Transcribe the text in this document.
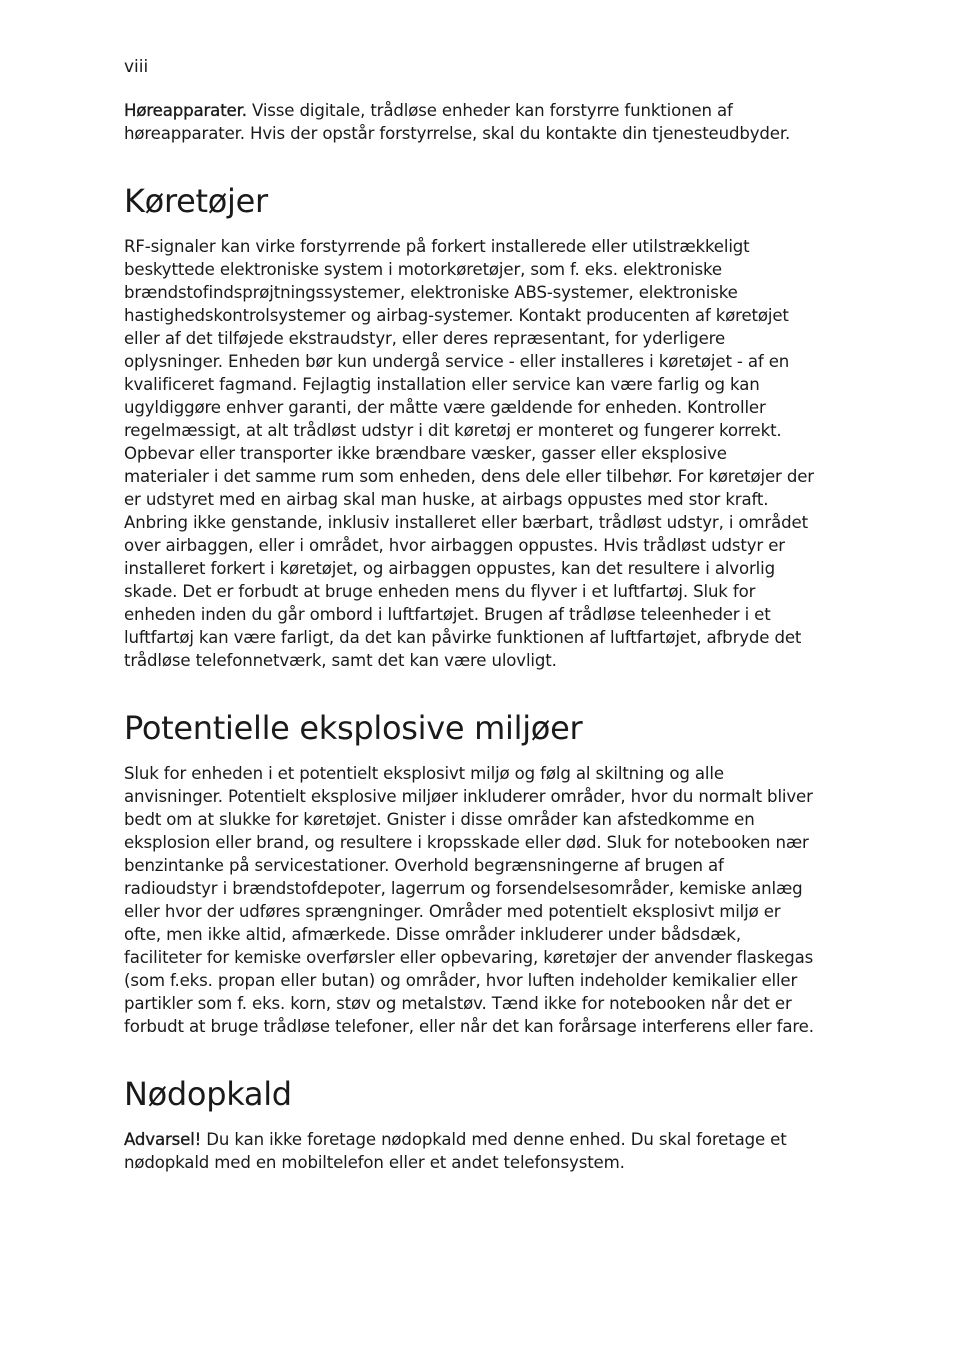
viii

Høreapparater. Visse digitale, trådløse enheder kan forstyrre funktionen af høreapparater. Hvis der opstår forstyrrelse, skal du kontakte din tjenesteudbyder.

Køretøjer

RF-signaler kan virke forstyrrende på forkert installerede eller utilstrækkeligt beskyttede elektroniske system i motorkøretøjer, som f. eks. elektroniske brændstofindsprøjtningssystemer, elektroniske ABS-systemer, elektroniske hastighedskontrolsystemer og airbag-systemer. Kontakt producenten af køretøjet eller af det tilføjede ekstraudstyr, eller deres repræsentant, for yderligere oplysninger. Enheden bør kun undergå service - eller installeres i køretøjet - af en kvalificeret fagmand. Fejlagtig installation eller service kan være farlig og kan ugyldiggøre enhver garanti, der måtte være gældende for enheden. Kontroller regelmæssigt, at alt trådløst udstyr i dit køretøj er monteret og fungerer korrekt. Opbevar eller transporter ikke brændbare væsker, gasser eller eksplosive materialer i det samme rum som enheden, dens dele eller tilbehør. For køretøjer der er udstyret med en airbag skal man huske, at airbags oppustes med stor kraft. Anbring ikke genstande, inklusiv installeret eller bærbart, trådløst udstyr, i området over airbaggen, eller i området, hvor airbaggen oppustes. Hvis trådløst udstyr er installeret forkert i køretøjet, og airbaggen oppustes, kan det resultere i alvorlig skade. Det er forbudt at bruge enheden mens du flyver i et luftfartøj. Sluk for enheden inden du går ombord i luftfartøjet. Brugen af trådløse teleenheder i et luftfartøj kan være farligt, da det kan påvirke funktionen af luftfartøjet, afbryde det trådløse telefonnetværk, samt det kan være ulovligt.

Potentielle eksplosive miljøer

Sluk for enheden i et potentielt eksplosivt miljø og følg al skiltning og alle anvisninger. Potentielt eksplosive miljøer inkluderer områder, hvor du normalt bliver bedt om at slukke for køretøjet. Gnister i disse områder kan afstedkomme en eksplosion eller brand, og resultere i kropsskade eller død. Sluk for notebooken nær benzintanke på servicestationer. Overhold begrænsningerne af brugen af radioudstyr i brændstofdepoter, lagerrum og forsendelsesområder, kemiske anlæg eller hvor der udføres sprængninger. Områder med potentielt eksplosivt miljø er ofte, men ikke altid, afmærkede. Disse områder inkluderer under bådsdæk, faciliteter for kemiske overførsler eller opbevaring, køretøjer der anvender flaskegas (som f.eks. propan eller butan) og områder, hvor luften indeholder kemikalier eller partikler som f. eks. korn, støv og metalstøv. Tænd ikke for notebooken når det er forbudt at bruge trådløse telefoner, eller når det kan forårsage interferens eller fare.

Nødopkald

Advarsel! Du kan ikke foretage nødopkald med denne enhed. Du skal foretage et nødopkald med en mobiltelefon eller et andet telefonsystem.
